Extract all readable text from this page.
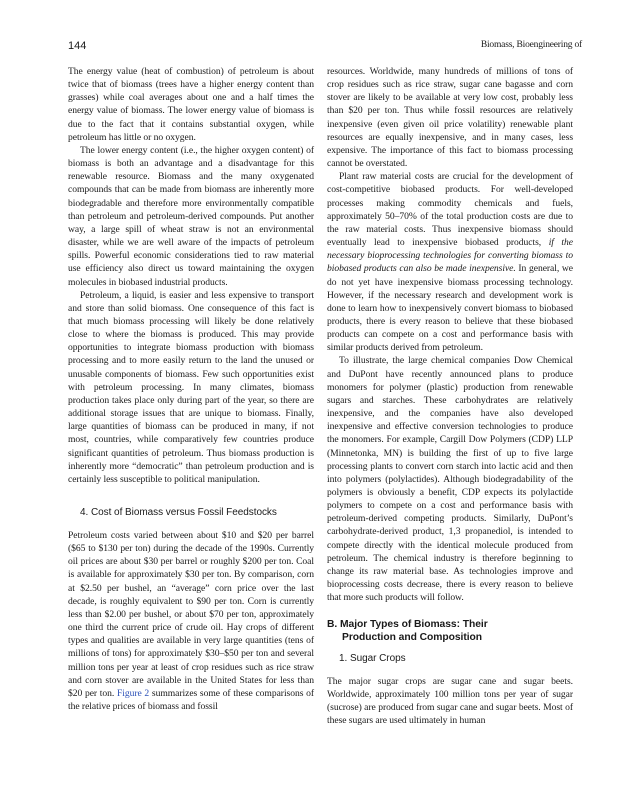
144	Biomass, Bioengineering of

The energy value (heat of combustion) of petroleum is about twice that of biomass (trees have a higher energy content than grasses) while coal averages about one and a half times the energy value of biomass. The lower energy value of biomass is due to the fact that it contains substantial oxygen, while petroleum has little or no oxygen.

The lower energy content (i.e., the higher oxygen content) of biomass is both an advantage and a disadvantage for this renewable resource. Biomass and the many oxygenated compounds that can be made from biomass are inherently more biodegradable and therefore more environmentally compatible than petroleum and petroleum-derived compounds. Put another way, a large spill of wheat straw is not an environmental disaster, while we are well aware of the impacts of petroleum spills. Powerful economic considerations tied to raw material use efficiency also direct us toward maintaining the oxygen molecules in biobased industrial products.

Petroleum, a liquid, is easier and less expensive to transport and store than solid biomass. One consequence of this fact is that much biomass processing will likely be done relatively close to where the biomass is produced. This may provide opportunities to integrate biomass production with biomass processing and to more easily return to the land the unused or unusable components of biomass. Few such opportunities exist with petroleum processing. In many climates, biomass production takes place only during part of the year, so there are additional storage issues that are unique to biomass. Finally, large quantities of biomass can be produced in many, if not most, countries, while comparatively few countries produce significant quantities of petroleum. Thus biomass production is inherently more “democratic” than petroleum production and is certainly less susceptible to political manipulation.

4. Cost of Biomass versus Fossil Feedstocks

Petroleum costs varied between about $10 and $20 per barrel ($65 to $130 per ton) during the decade of the 1990s. Currently oil prices are about $30 per barrel or roughly $200 per ton. Coal is available for approximately $30 per ton. By comparison, corn at $2.50 per bushel, an “average” corn price over the last decade, is roughly equivalent to $90 per ton. Corn is currently less than $2.00 per bushel, or about $70 per ton, approximately one third the current price of crude oil. Hay crops of different types and qualities are available in very large quantities (tens of millions of tons) for approximately $30–$50 per ton and several million tons per year at least of crop residues such as rice straw and corn stover are available in the United States for less than $20 per ton. Figure 2 summarizes some of these comparisons of the relative prices of biomass and fossil

resources. Worldwide, many hundreds of millions of tons of crop residues such as rice straw, sugar cane bagasse and corn stover are likely to be available at very low cost, probably less than $20 per ton. Thus while fossil resources are relatively inexpensive (even given oil price volatility) renewable plant resources are equally inexpensive, and in many cases, less expensive. The importance of this fact to biomass processing cannot be overstated.

Plant raw material costs are crucial for the development of cost-competitive biobased products. For well-developed processes making commodity chemicals and fuels, approximately 50–70% of the total production costs are due to the raw material costs. Thus inexpensive biomass should eventually lead to inexpensive biobased products, if the necessary bioprocessing technologies for converting biomass to biobased products can also be made inexpensive. In general, we do not yet have inexpensive biomass processing technology. However, if the necessary research and development work is done to learn how to inexpensively convert biomass to biobased products, there is every reason to believe that these biobased products can compete on a cost and performance basis with similar products derived from petroleum.

To illustrate, the large chemical companies Dow Chemical and DuPont have recently announced plans to produce monomers for polymer (plastic) production from renewable sugars and starches. These carbohydrates are relatively inexpensive, and the companies have also developed inexpensive and effective conversion technologies to produce the monomers. For example, Cargill Dow Polymers (CDP) LLP (Minnetonka, MN) is building the first of up to five large processing plants to convert corn starch into lactic acid and then into polymers (polylactides). Although biodegradability of the polymers is obviously a benefit, CDP expects its polylactide polymers to compete on a cost and performance basis with petroleum-derived competing products. Similarly, DuPont’s carbohydrate-derived product, 1,3 propanediol, is intended to compete directly with the identical molecule produced from petroleum. The chemical industry is therefore beginning to change its raw material base. As technologies improve and bioprocessing costs decrease, there is every reason to believe that more such products will follow.

B. Major Types of Biomass: Their
Production and Composition
1. Sugar Crops

The major sugar crops are sugar cane and sugar beets. Worldwide, approximately 100 million tons per year of sugar (sucrose) are produced from sugar cane and sugar beets. Most of these sugars are used ultimately in human
